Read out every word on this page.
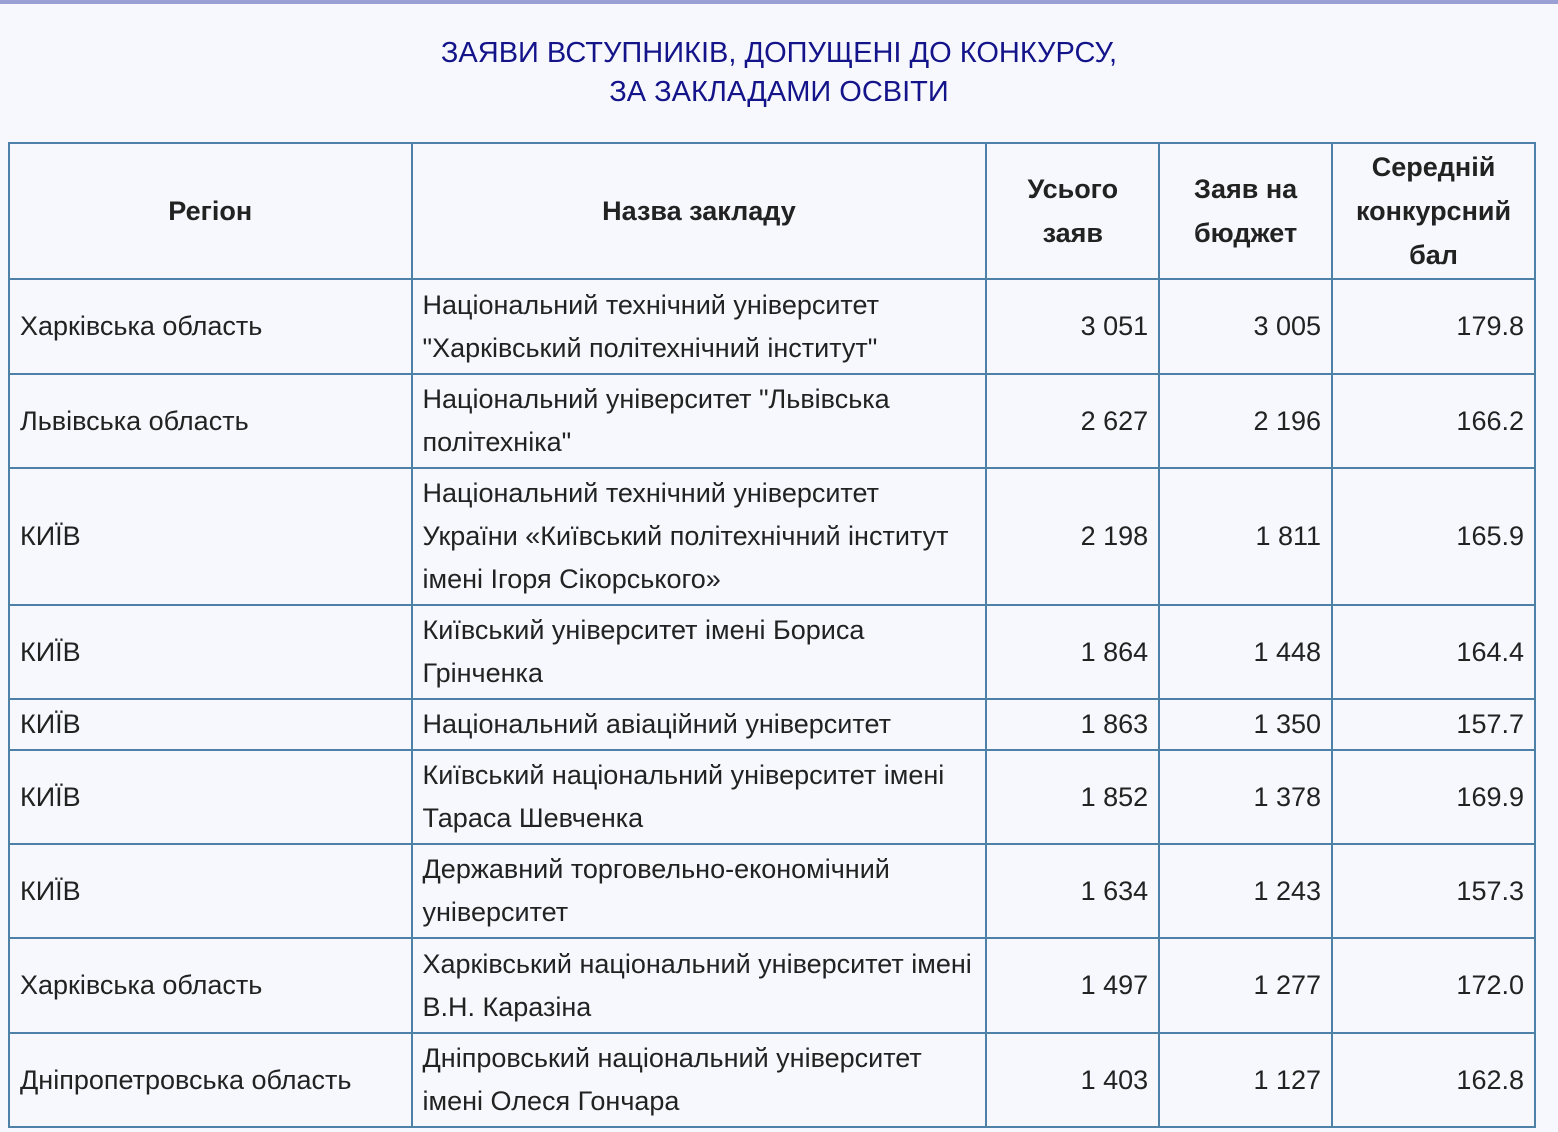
ЗАЯВИ ВСТУПНИКІВ, ДОПУЩЕНІ ДО КОНКУРСУ,
ЗА ЗАКЛАДАМИ ОСВІТИ
Регіон	Назва закладу	Усього заяв	Заяв на бюджет	Середній конкурсний бал
Харківська область	Національний технічний університет "Харківський політехнічний інститут"	3 051	3 005	179.8
Львівська область	Національний університет "Львівська політехніка"	2 627	2 196	166.2
КИЇВ	Національний технічний університет України «Київський політехнічний інститут імені Ігоря Сікорського»	2 198	1 811	165.9
КИЇВ	Київський університет імені Бориса Грінченка	1 864	1 448	164.4
КИЇВ	Національний авіаційний університет	1 863	1 350	157.7
КИЇВ	Київський національний університет імені Тараса Шевченка	1 852	1 378	169.9
КИЇВ	Державний торговельно-економічний університет	1 634	1 243	157.3
Харківська область	Харківський національний університет імені В.Н. Каразіна	1 497	1 277	172.0
Дніпропетровська область	Дніпровський національний університет імені Олеся Гончара	1 403	1 127	162.8
